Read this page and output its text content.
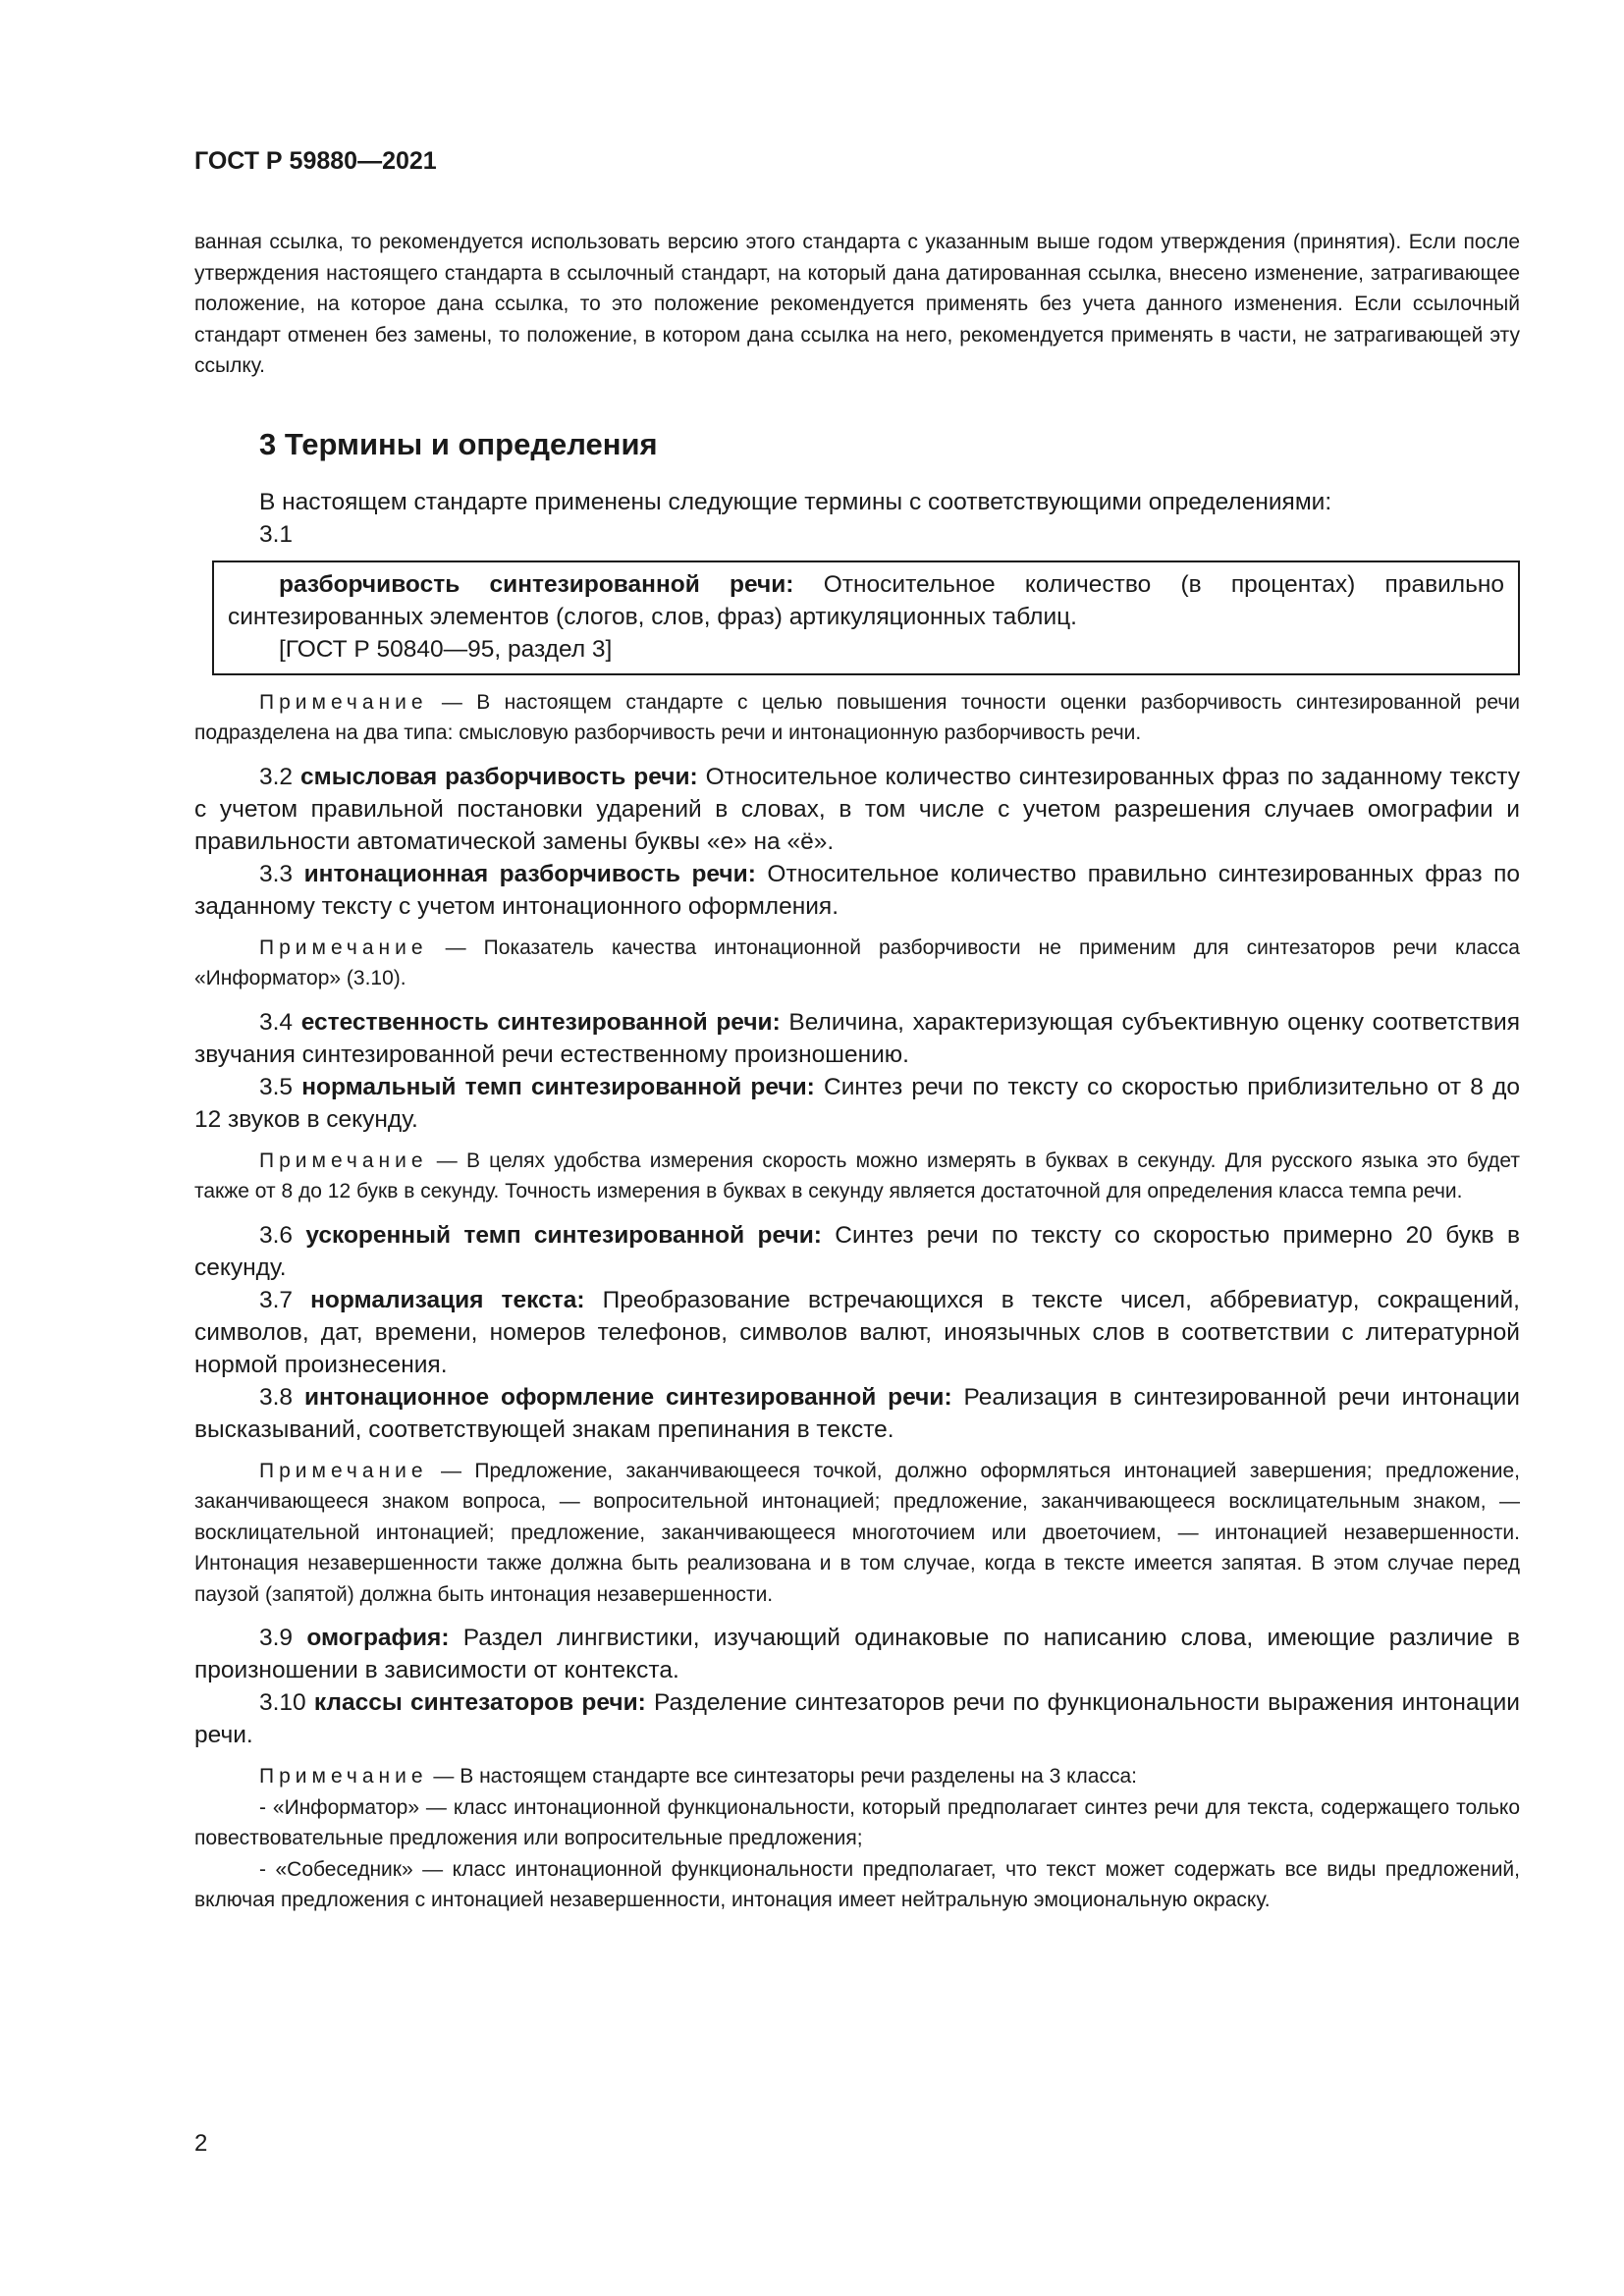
ГОСТ Р 59880—2021

ванная ссылка, то рекомендуется использовать версию этого стандарта с указанным выше годом утверждения (принятия). Если после утверждения настоящего стандарта в ссылочный стандарт, на который дана датированная ссылка, внесено изменение, затрагивающее положение, на которое дана ссылка, то это положение рекомендуется применять без учета данного изменения. Если ссылочный стандарт отменен без замены, то положение, в котором дана ссылка на него, рекомендуется применять в части, не затрагивающей эту ссылку.

3 Термины и определения

В настоящем стандарте применены следующие термины с соответствующими определениями:

3.1

разборчивость синтезированной речи: Относительное количество (в процентах) правильно синтезированных элементов (слогов, слов, фраз) артикуляционных таблиц.

[ГОСТ Р 50840—95, раздел 3]

Примечание — В настоящем стандарте с целью повышения точности оценки разборчивость синтезированной речи подразделена на два типа: смысловую разборчивость речи и интонационную разборчивость речи.

3.2 смысловая разборчивость речи: Относительное количество синтезированных фраз по заданному тексту с учетом правильной постановки ударений в словах, в том числе с учетом разрешения случаев омографии и правильности автоматической замены буквы «е» на «ё».

3.3 интонационная разборчивость речи: Относительное количество правильно синтезированных фраз по заданному тексту с учетом интонационного оформления.

Примечание — Показатель качества интонационной разборчивости не применим для синтезаторов речи класса «Информатор» (3.10).

3.4 естественность синтезированной речи: Величина, характеризующая субъективную оценку соответствия звучания синтезированной речи естественному произношению.

3.5 нормальный темп синтезированной речи: Синтез речи по тексту со скоростью приблизительно от 8 до 12 звуков в секунду.

Примечание — В целях удобства измерения скорость можно измерять в буквах в секунду. Для русского языка это будет также от 8 до 12 букв в секунду. Точность измерения в буквах в секунду является достаточной для определения класса темпа речи.

3.6 ускоренный темп синтезированной речи: Синтез речи по тексту со скоростью примерно 20 букв в секунду.

3.7 нормализация текста: Преобразование встречающихся в тексте чисел, аббревиатур, сокращений, символов, дат, времени, номеров телефонов, символов валют, иноязычных слов в соответствии с литературной нормой произнесения.

3.8 интонационное оформление синтезированной речи: Реализация в синтезированной речи интонации высказываний, соответствующей знакам препинания в тексте.

Примечание — Предложение, заканчивающееся точкой, должно оформляться интонацией завершения; предложение, заканчивающееся знаком вопроса, — вопросительной интонацией; предложение, заканчивающееся восклицательным знаком, — восклицательной интонацией; предложение, заканчивающееся многоточием или двоеточием, — интонацией незавершенности. Интонация незавершенности также должна быть реализована и в том случае, когда в тексте имеется запятая. В этом случае перед паузой (запятой) должна быть интонация незавершенности.

3.9 омография: Раздел лингвистики, изучающий одинаковые по написанию слова, имеющие различие в произношении в зависимости от контекста.

3.10 классы синтезаторов речи: Разделение синтезаторов речи по функциональности выражения интонации речи.

Примечание — В настоящем стандарте все синтезаторы речи разделены на 3 класса:

- «Информатор» — класс интонационной функциональности, который предполагает синтез речи для текста, содержащего только повествовательные предложения или вопросительные предложения;

- «Собеседник» — класс интонационной функциональности предполагает, что текст может содержать все виды предложений, включая предложения с интонацией незавершенности, интонация имеет нейтральную эмоциональную окраску.

2
